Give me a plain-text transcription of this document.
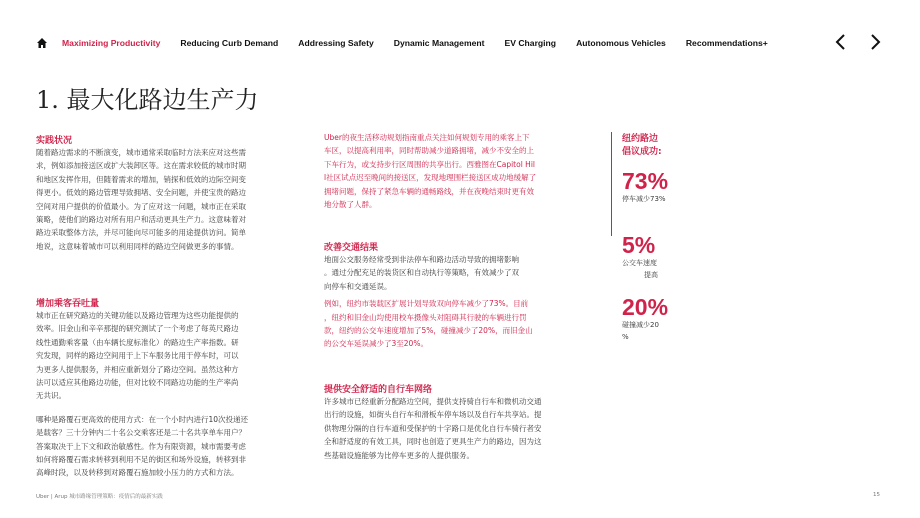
Maximizing Productivity Reducing Curb Demand Addressing Safety Dynamic Management EV Charging Autonomous Vehicles Recommendations+
1. 最大化路边生产力
实践状况
随着路边需求的不断演变，城市通常采取临时方法来应对这些需
求，例如添加接送区或扩大装卸区等。这在需求较低的城市时期
和地区发挥作用，但随着需求的增加，销探和低效的边际空间变
得更小。低效的路边管理导致拥堵、安全问题，并使宝贵的路边
空间对用户提供的价值最小。为了应对这一问题，城市正在采取
策略，使他们的路边对所有用户和活动更具生产力。这意味着对
路边采取整体方法，并尽可能向尽可能多的用途提供访问。简单
地说，这意味着城市可以利用同样的路边空间做更多的事情。
增加乘客吞吐量
城市正在研究路边的关键功能以及路边管理为这些功能提供的
效率。旧金山和辛辛那提的研究测试了一个考虑了每英尺路边
线性通勤乘客量（由车辆长度标准化）的路边生产率指数。研
究发现，同样的路边空间用于上下车服务比用于停车时，可以
为更多人提供服务，并相应重新划分了路边空间。虽然这种方
法可以适应其他路边功能，但对比较不同路边功能的生产率尚
无共识。
哪种是路覆石更高效的使用方式：在一个小时内进行10次投递还
是载客？三十分钟内二十名公交乘客还是二十名共享单车用户？
答案取决于上下文和政治敏感性。作为有限资源，城市需要考虑
如何将路覆石需求转移到利用不足的街区和场外设施，转移到非
高峰时段，以及转移到对路覆石施加较小压力的方式和方法。
Uber的夜生活移动规划指南重点关注如何规划专用的乘客上下
车区，以提高利用率，同时帮助减少道路拥堵，减少不安全的上
下车行为，或支持步行区周围的共享出行。西雅图在Capitol Hil
l社区试点迟至晚间的接送区，发现地理围栏接送区成功地缓解了
拥堵问题，保持了紧急车辆的通畅路线，并在夜晚结束时更有效
地分散了人群。
改善交通结果
地面公交服务经常受到非法停车和路边活动导致的拥堵影响
。通过分配充足的装货区和自动执行等策略，有效减少了双
向停车和交通延误。
例如，纽约市装载区扩展计划导致双向停车减少了73%。目前
，纽约和旧金山均使用校车摄像头对阻碍其行驶的车辆进行罚
款，纽约的公交车速度增加了5%，碰撞减少了20%，而旧金山
的公交车延误减少了3至20%。
提供安全舒适的自行车网络
许多城市已经重新分配路边空间，提供支持骑自行车和微机动交通
出行的设施，如街头自行车和滑板车停车场以及自行车共享站。提
供物理分隔的自行车道和受保护的十字路口是优化自行车骑行者安
全和舒适度的有效工具，同时也创造了更具生产力的路边，因为这
些基础设施能够为比停车更多的人提供服务。
纽约路边
倡议成功:
73%
停车减少73%
5%
公交车速度
提高
20%
碰撞减少20
%
Uber | Arup 城市路缘管理策略：疫情后的最新实践	15
